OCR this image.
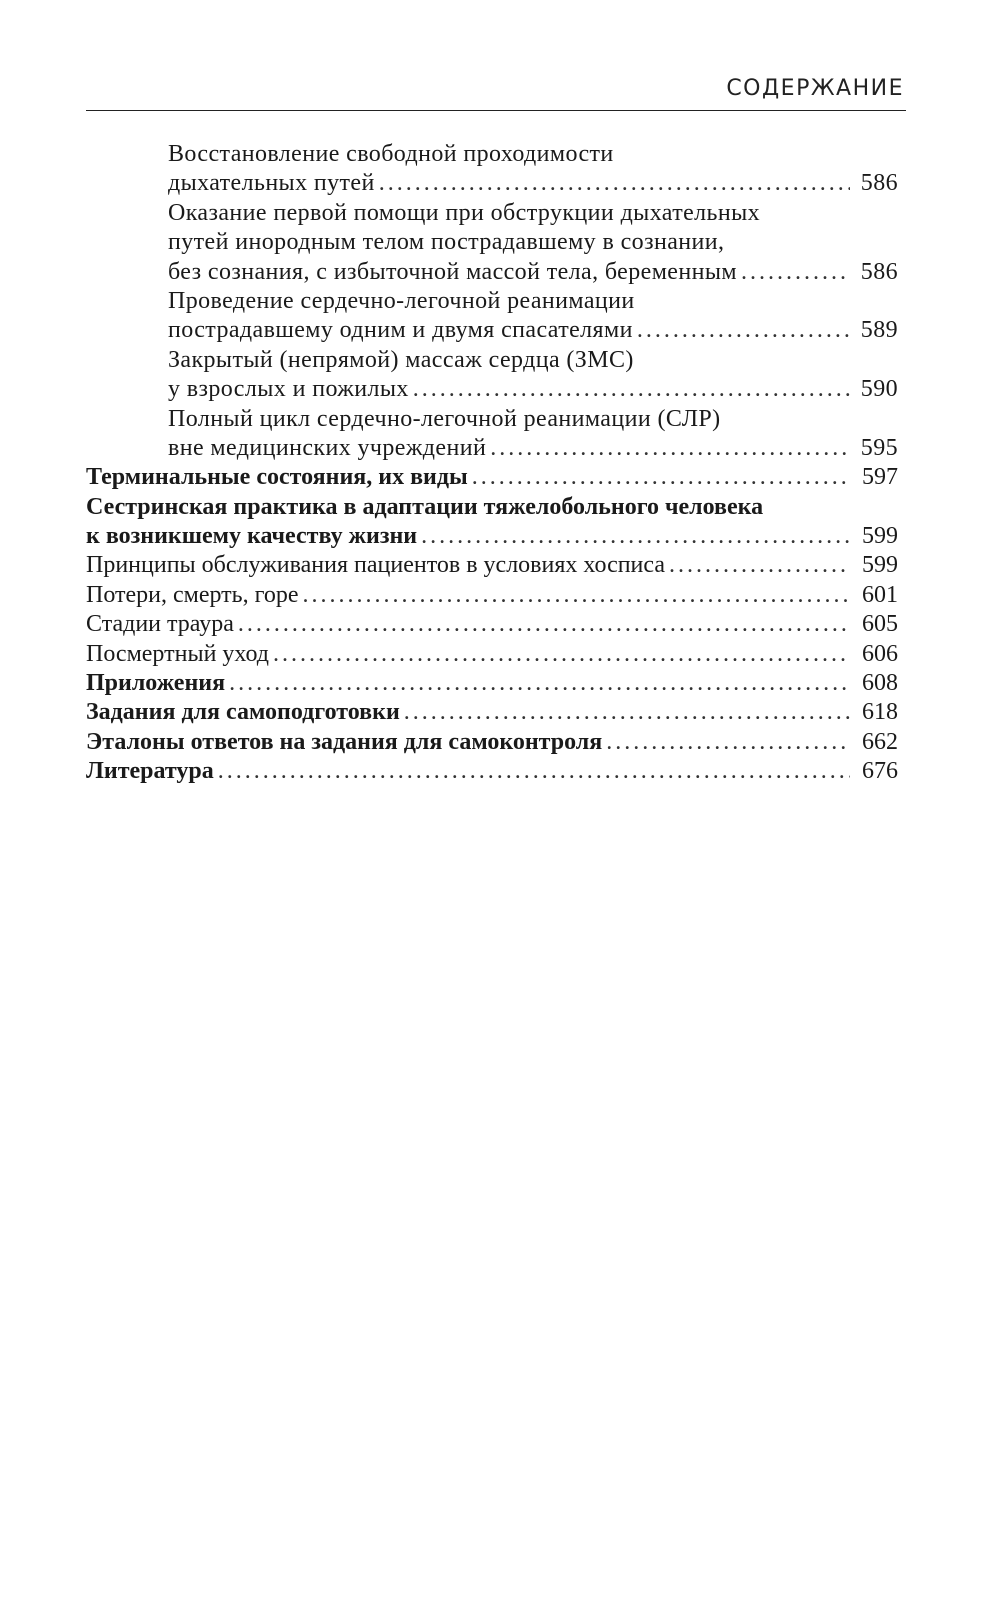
СОДЕРЖАНИЕ
Восстановление свободной проходимости
дыхательных путей .....	586
Оказание первой помощи при обструкции дыхательных
путей инородным телом пострадавшему в сознании,
без сознания, с избыточной массой тела, беременным .....	586
Проведение сердечно-легочной реанимации
пострадавшему одним и двумя спасателями .....	589
Закрытый (непрямой) массаж сердца (ЗМС)
у взрослых и пожилых .....	590
Полный цикл сердечно-легочной реанимации (СЛР)
вне медицинских учреждений .....	595
Терминальные состояния, их виды .....	597
Сестринская практика в адаптации тяжелобольного человека
к возникшему качеству жизни .....	599
Принципы обслуживания пациентов в условиях хосписа .....	599
Потери, смерть, горе .....	601
Стадии траура .....	605
Посмертный уход .....	606
Приложения .....	608
Задания для самоподготовки .....	618
Эталоны ответов на задания для самоконтроля .....	662
Литература .....	676
